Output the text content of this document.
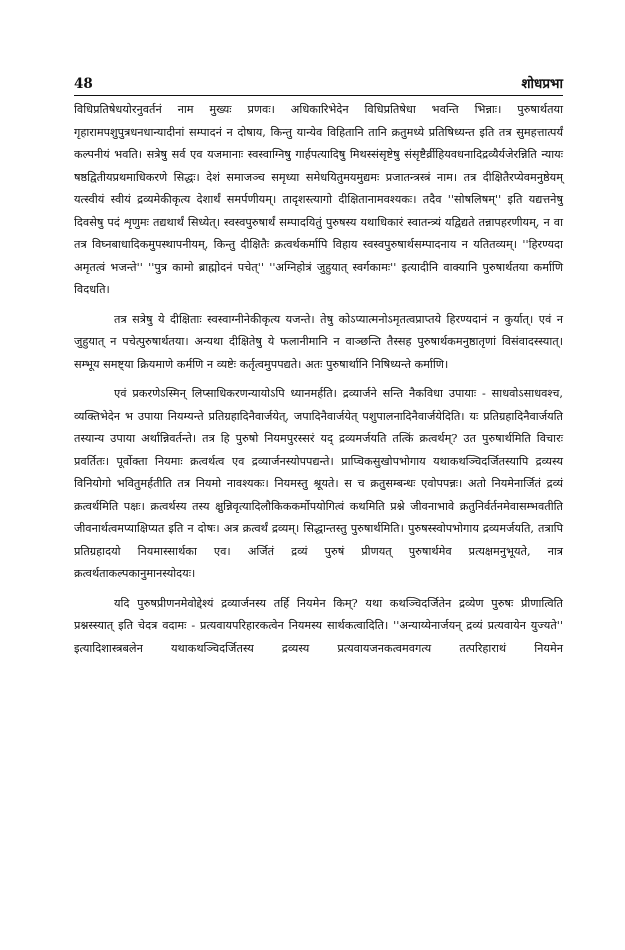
48	शोधप्रभा

विधिप्रतिषेधयोरनुवर्तनं नाम मुख्यः प्रणवः। अधिकारिभेदेन विधिप्रतिषेधा भवन्ति भिन्नाः। पुरुषार्थतया गृहारामपशुपुत्रधनधान्यादीनां सम्पादनं न दोषाय, किन्तु यान्येव विहितानि तानि क्रतुमध्ये प्रतिषिध्यन्त इति तत्र सुमहत्तात्पर्यं कल्पनीयं भवति। सत्रेषु सर्व एव यजमानाः स्वस्वाग्निषु गार्हपत्यादिषु मिथस्संसृष्टेषु संसृष्टैर्व्रीहियवधनादिद्रव्यैर्यजेरन्निति न्यायः षष्ठद्वितीयप्रथमाधिकरणे सिद्धः। देशं समाजञ्च समृध्या समेधयितुमयमुद्यमः प्रजातन्त्रस्त्रं नाम। तत्र दीक्षितैरप्येवमनुष्ठेयम् यत्स्वीयं स्वीयं द्रव्यमेकीकृत्य देशार्थं समर्पणीयम्। तादृशस्त्यागो दीक्षितानामवश्यकः। तदैव ''सोषलिषम्'' इति यद्यत्तनेषु दिवसेषु पदं शृणुमः तद्यथार्थं सिध्येत्। स्वस्वपुरुषार्थं सम्पादयितुं पुरुषस्य यथाधिकारं स्वातन्त्र्यं यद्विद्यते तन्नापहरणीयम्, न वा तत्र विघ्नबाधादिकमुपस्थापनीयम्, किन्तु दीक्षितैः क्रत्वर्थकर्मापि विहाय स्वस्वपुरुषार्थसम्पादनाय न यतितव्यम्। ''हिरण्यदा अमृतत्वं भजन्ते'' ''पुत्र कामो ब्राह्मोदनं पचेत्'' ''अग्निहोत्रं जुहुयात् स्वर्गकामः'' इत्यादीनि वाक्यानि पुरुषार्थतया कर्माणि विदधति।

तत्र सत्रेषु ये दीक्षिताः स्वस्वाग्नीनेकीकृत्य यजन्ते। तेषु कोऽप्यात्मनोऽमृतत्वप्राप्तये हिरण्यदानं न कुर्यात्। एवं न जुहुयात् न पचेत्पुरुषार्थतया। अन्यथा दीक्षितेषु ये फलानीमानि न वाञ्छन्ति तैस्सह पुरुषार्थकमनुष्ठातृणां विसंवादस्स्यात्। सम्भूय समष्ट्या क्रियमाणे कर्मणि न व्यष्टेः कर्तृत्वमुपपद्यते। अतः पुरुषार्थानि निषिध्यन्ते कर्माणि।

एवं प्रकरणेऽस्मिन् लिप्साधिकरणन्यायोऽपि ध्यानमर्हति। द्रव्यार्जने सन्ति नैकविधा उपायाः - साधवोऽसाधवश्च, व्यक्तिभेदेन भ उपाया नियम्यन्ते प्रतिग्रहादिनैवार्जयेत्, जपादिनैवार्जयेत् पशुपालनादिनैवार्जयेदिति। यः प्रतिग्रहादिनैवार्जयति तस्यान्य उपाया अर्थान्निवर्तन्ते। तत्र हि पुरुषो नियमपुरस्सरं यद् द्रव्यमर्जयति तत्किं क्रत्वर्थम्? उत पुरुषार्थमिति विचारः प्रवर्तितः। पूर्वोक्ता नियमाः क्रत्वर्थत्व एव द्रव्यार्जनस्योपपद्यन्ते। प्राप्चिकसुखोपभोगाय यथाकथञ्चिदर्जितस्यापि द्रव्यस्य विनियोगो भवितुमर्हतीति तत्र नियमो नावश्यकः। नियमस्तु श्रूयते। स च क्रतुसम्बन्धः एवोपपन्नः। अतो नियमेनार्जितं द्रव्यं क्रत्वर्थमिति पक्षः। क्रत्वर्थस्य तस्य क्षुन्निवृत्यादिलौकिककर्मोपयोगित्वं कथमिति प्रश्ने जीवनाभावे क्रतुनिर्वर्तनमेवासम्भवतीति जीवनार्थत्वमप्याक्षिप्यत इति न दोषः। अत्र क्रत्वर्थं द्रव्यम्। सिद्धान्तस्तु पुरुषार्थमिति। पुरुषस्स्वोपभोगाय द्रव्यमर्जयति, तत्रापि प्रतिग्रहादयो नियमास्सार्थका एव। अर्जितं द्रव्यं पुरुषं प्रीणयत् पुरुषार्थमेव प्रत्यक्षमनुभूयते, नात्र क्रत्वर्थताकल्पकानुमानस्योदयः।

यदि पुरुषप्रीणनमेवोद्देश्यं द्रव्यार्जनस्य तर्हि नियमेन किम्? यथा कथञ्चिदर्जितेन द्रव्येण पुरुषः प्रीणात्विति प्रश्नस्स्यात् इति चेदत्र वदामः - प्रत्यवायपरिहारकत्वेन नियमस्य सार्थकत्वादिति। ''अन्याय्येनार्जयन् द्रव्यं प्रत्यवायेन युज्यते'' इत्यादिशास्त्रबलेन यथाकथञ्चिदर्जितस्य द्रव्यस्य प्रत्यवायजनकत्वमवगत्य तत्परिहाराथं नियमेन
